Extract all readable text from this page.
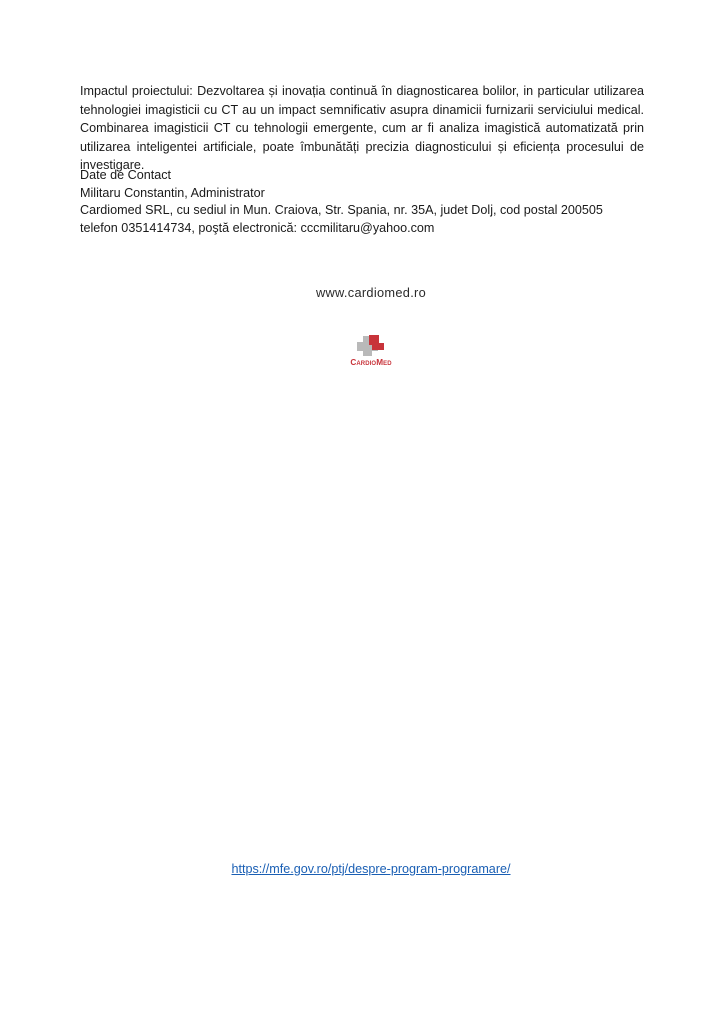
Impactul proiectului: Dezvoltarea și inovația continuă în diagnosticarea bolilor, in particular utilizarea tehnologiei imagisticii cu CT au un impact semnificativ asupra dinamicii furnizarii serviciului medical. Combinarea imagisticii CT cu tehnologii emergente, cum ar fi analiza imagistică automatizată prin utilizarea inteligentei artificiale, poate îmbunătăți precizia diagnosticului și eficiența procesului de investigare.

Date de Contact
Militaru Constantin, Administrator
Cardiomed SRL, cu sediul in Mun. Craiova, Str. Spania, nr. 35A, judet Dolj, cod postal 200505
telefon 0351414734, poştă electronică: cccmilitaru@yahoo.com
www.cardiomed.ro
CardioMed
https://mfe.gov.ro/ptj/despre-program-programare/
